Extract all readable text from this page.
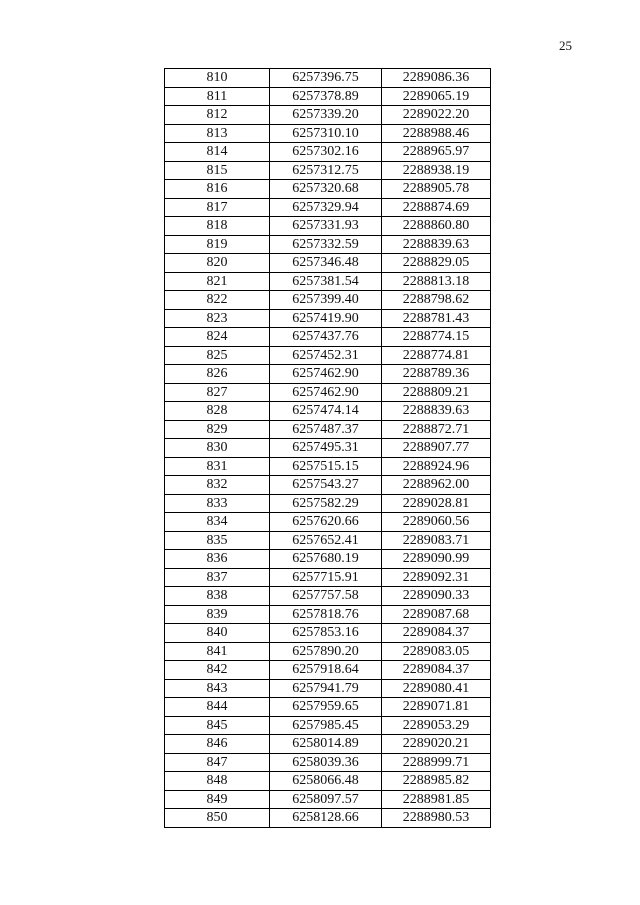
25
810	6257396.75	2289086.36
811	6257378.89	2289065.19
812	6257339.20	2289022.20
813	6257310.10	2288988.46
814	6257302.16	2288965.97
815	6257312.75	2288938.19
816	6257320.68	2288905.78
817	6257329.94	2288874.69
818	6257331.93	2288860.80
819	6257332.59	2288839.63
820	6257346.48	2288829.05
821	6257381.54	2288813.18
822	6257399.40	2288798.62
823	6257419.90	2288781.43
824	6257437.76	2288774.15
825	6257452.31	2288774.81
826	6257462.90	2288789.36
827	6257462.90	2288809.21
828	6257474.14	2288839.63
829	6257487.37	2288872.71
830	6257495.31	2288907.77
831	6257515.15	2288924.96
832	6257543.27	2288962.00
833	6257582.29	2289028.81
834	6257620.66	2289060.56
835	6257652.41	2289083.71
836	6257680.19	2289090.99
837	6257715.91	2289092.31
838	6257757.58	2289090.33
839	6257818.76	2289087.68
840	6257853.16	2289084.37
841	6257890.20	2289083.05
842	6257918.64	2289084.37
843	6257941.79	2289080.41
844	6257959.65	2289071.81
845	6257985.45	2289053.29
846	6258014.89	2289020.21
847	6258039.36	2288999.71
848	6258066.48	2288985.82
849	6258097.57	2288981.85
850	6258128.66	2288980.53
